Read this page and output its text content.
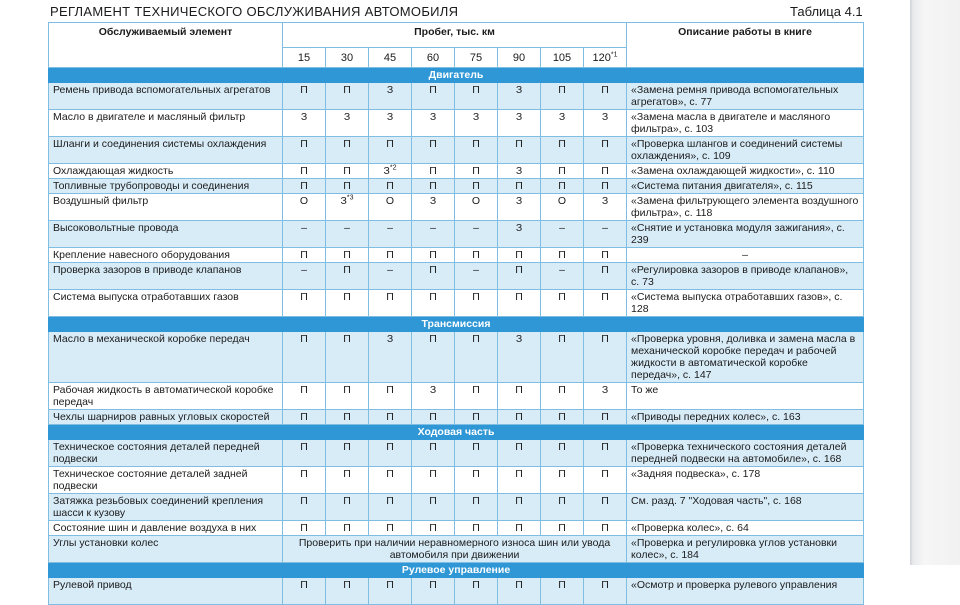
РЕГЛАМЕНТ ТЕХНИЧЕСКОГО ОБСЛУЖИВАНИЯ АВТОМОБИЛЯ	Таблица 4.1
Обслуживаемый элемент	Пробег, тыс. км								Описание работы в книге
	15	30	45	60	75	90	105	120$^{*1}$
Двигатель									
Ремень привода вспомогательных агрегатов	П	П	З	П	П	З	П	П	«Замена ремня привода вспомогательных агрегатов», с. 77
Масло в двигателе и масляный фильтр	З	З	З	З	З	З	З	З	«Замена масла в двигателе и масляного фильтра», с. 103
Шланги и соединения системы охлаждения	П	П	П	П	П	П	П	П	«Проверка шлангов и соединений системы охлаждения», с. 109
Охлаждающая жидкость	П	П	$З^{*2}$	П	П	З	П	П	«Замена охлаждающей жидкости», с. 110
Топливные трубопроводы и соединения	П	П	П	П	П	П	П	П	«Система питания двигателя», с. 115
Воздушный фильтр	О	$З^{*3}$	О	З	О	З	О	З	«Замена фильтрующего элемента воздушного фильтра», с. 118
Высоковольтные провода	–	–	–	–	–	З	–	–	«Снятие и установка модуля зажигания», с. 239
Крепление навесного оборудования	П	П	П	П	П	П	П	П	–
Проверка зазоров в приводе клапанов	–	П	–	П	–	П	–	П	«Регулировка зазоров в приводе клапанов», с. 73
Система выпуска отработавших газов	П	П	П	П	П	П	П	П	«Система выпуска отработавших газов», с. 128
Трансмиссия									
Масло в механической коробке передач	П	П	З	П	П	З	П	П	«Проверка уровня, доливка и замена масла в механической коробке передач и рабочей жидкости в автоматической коробке передач», с. 147
Рабочая жидкость в автоматической коробке передач	П	П	П	З	П	П	П	З	То же
Чехлы шарниров равных угловых скоростей	П	П	П	П	П	П	П	П	«Приводы передних колес», с. 163
Ходовая часть									
Техническое состояния деталей передней подвески	П	П	П	П	П	П	П	П	«Проверка технического состояния деталей передней подвески на автомобиле», с. 168
Техническое состояние деталей задней подвески	П	П	П	П	П	П	П	П	«Задняя подвеска», с. 178
Затяжка резьбовых соединений крепления шасси к кузову	П	П	П	П	П	П	П	П	См. разд. 7 "Ходовая часть", с. 168
Состояние шин и давление воздуха в них	П	П	П	П	П	П	П	П	«Проверка колес», с. 64
Углы установки колес	Проверить при наличии неравномерного износа шин или увода автомобиля при движении								«Проверка и регулировка углов установки колес», с. 184
Рулевое управление									
Рулевой привод	П	П	П	П	П	П	П	П	«Осмотр и проверка рулевого управления
